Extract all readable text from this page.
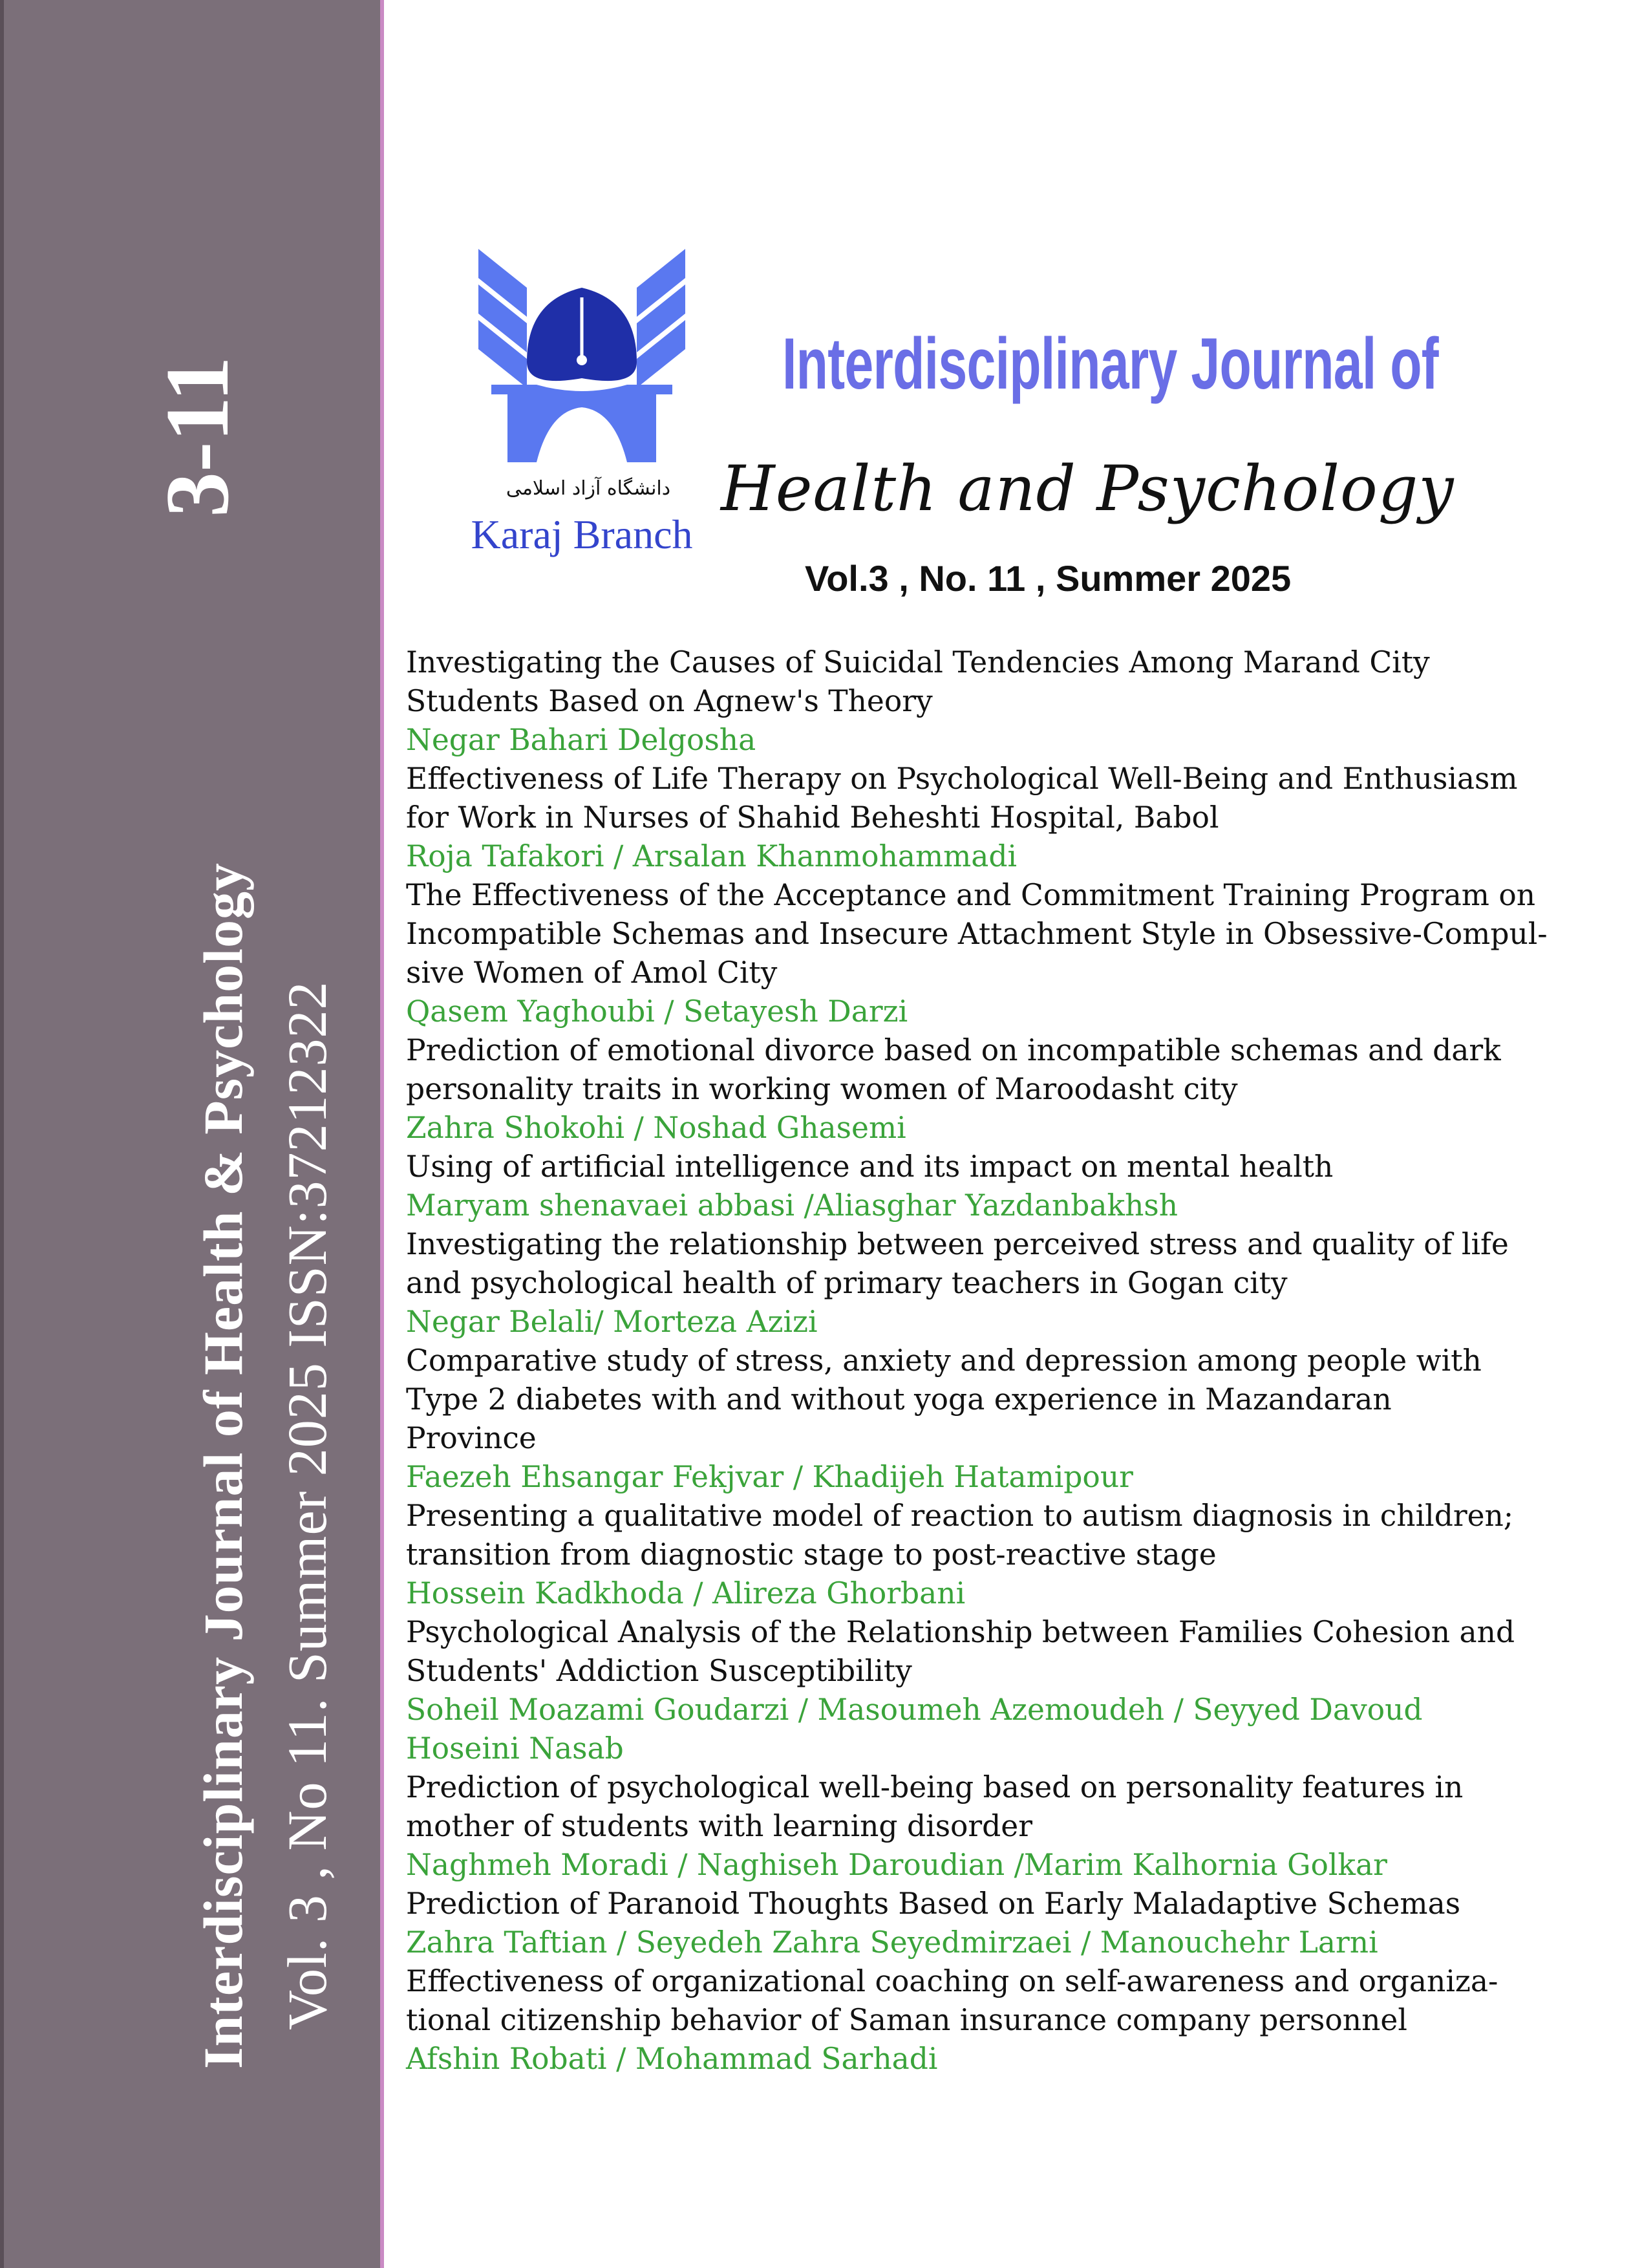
3-11
Interdisciplinary Journal of Health & Psychology Vol. 3 , No 11. Summer 2025 ISSN:37212322
دانشگاه آزاد اسلامی
Karaj Branch
Interdisciplinary Journal of
Health and Psychology
Vol.3 , No. 11 , Summer 2025
Investigating the Causes of Suicidal Tendencies Among Marand City
Students Based on Agnew's Theory
Negar Bahari Delgosha
Effectiveness of Life Therapy on Psychological Well-Being and Enthusiasm
for Work in Nurses of Shahid Beheshti Hospital, Babol
Roja Tafakori / Arsalan Khanmohammadi
The Effectiveness of the Acceptance and Commitment Training Program on
Incompatible Schemas and Insecure Attachment Style in Obsessive-Compul-
sive Women of Amol City
Qasem Yaghoubi / Setayesh Darzi
Prediction of emotional divorce based on incompatible schemas and dark
personality traits in working women of Maroodasht city
Zahra Shokohi / Noshad Ghasemi
Using of artificial intelligence and its impact on mental health
Maryam shenavaei abbasi /Aliasghar Yazdanbakhsh
Investigating the relationship between perceived stress and quality of life
and psychological health of primary teachers in Gogan city
Negar Belali/ Morteza Azizi
Comparative study of stress, anxiety and depression among people with
Type 2 diabetes with and without yoga experience in Mazandaran
Province
Faezeh Ehsangar Fekjvar / Khadijeh Hatamipour
Presenting a qualitative model of reaction to autism diagnosis in children;
transition from diagnostic stage to post-reactive stage
Hossein Kadkhoda / Alireza Ghorbani
Psychological Analysis of the Relationship between Families Cohesion and
Students' Addiction Susceptibility
Soheil Moazami Goudarzi / Masoumeh Azemoudeh / Seyyed Davoud
Hoseini Nasab
Prediction of psychological well-being based on personality features in
mother of students with learning disorder
Naghmeh Moradi / Naghiseh Daroudian /Marim Kalhornia Golkar
Prediction of Paranoid Thoughts Based on Early Maladaptive Schemas
Zahra Taftian / Seyedeh Zahra Seyedmirzaei / Manouchehr Larni
Effectiveness of organizational coaching on self-awareness and organiza-
tional citizenship behavior of Saman insurance company personnel
Afshin Robati / Mohammad Sarhadi
